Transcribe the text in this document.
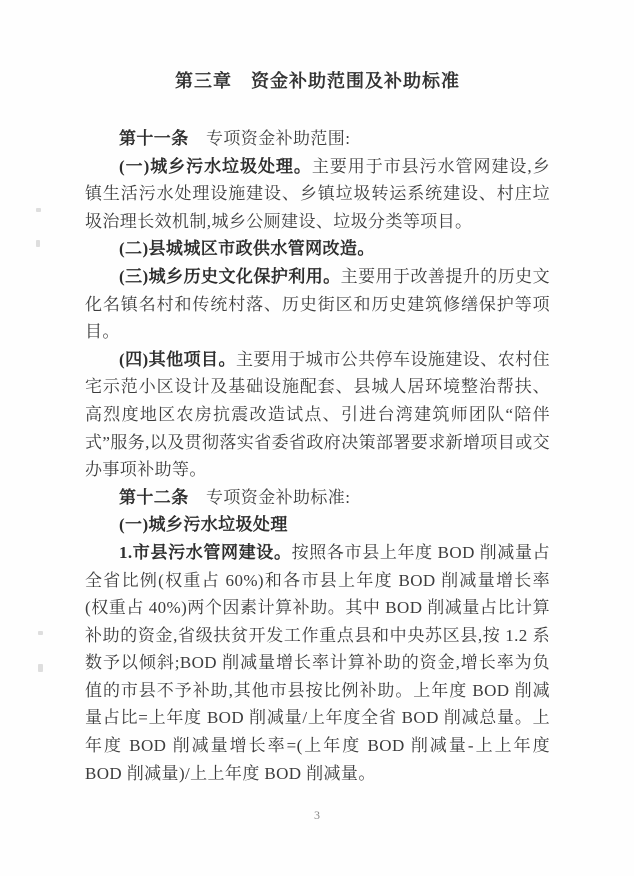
第三章　资金补助范围及补助标准

第十一条　专项资金补助范围:

(一)城乡污水垃圾处理。主要用于市县污水管网建设,乡镇生活污水处理设施建设、乡镇垃圾转运系统建设、村庄垃圾治理长效机制,城乡公厕建设、垃圾分类等项目。

(二)县城城区市政供水管网改造。

(三)城乡历史文化保护利用。主要用于改善提升的历史文化名镇名村和传统村落、历史街区和历史建筑修缮保护等项目。

(四)其他项目。主要用于城市公共停车设施建设、农村住宅示范小区设计及基础设施配套、县城人居环境整治帮扶、高烈度地区农房抗震改造试点、引进台湾建筑师团队“陪伴式”服务,以及贯彻落实省委省政府决策部署要求新增项目或交办事项补助等。

第十二条　专项资金补助标准:

(一)城乡污水垃圾处理

1.市县污水管网建设。按照各市县上年度 BOD 削减量占全省比例(权重占 60%)和各市县上年度 BOD 削减量增长率(权重占 40%)两个因素计算补助。其中 BOD 削减量占比计算补助的资金,省级扶贫开发工作重点县和中央苏区县,按 1.2 系数予以倾斜;BOD 削减量增长率计算补助的资金,增长率为负值的市县不予补助,其他市县按比例补助。上年度 BOD 削减量占比=上年度 BOD 削减量/上年度全省 BOD 削减总量。上年度 BOD 削减量增长率=(上年度 BOD 削减量-上上年度 BOD 削减量)/上上年度 BOD 削减量。

3
